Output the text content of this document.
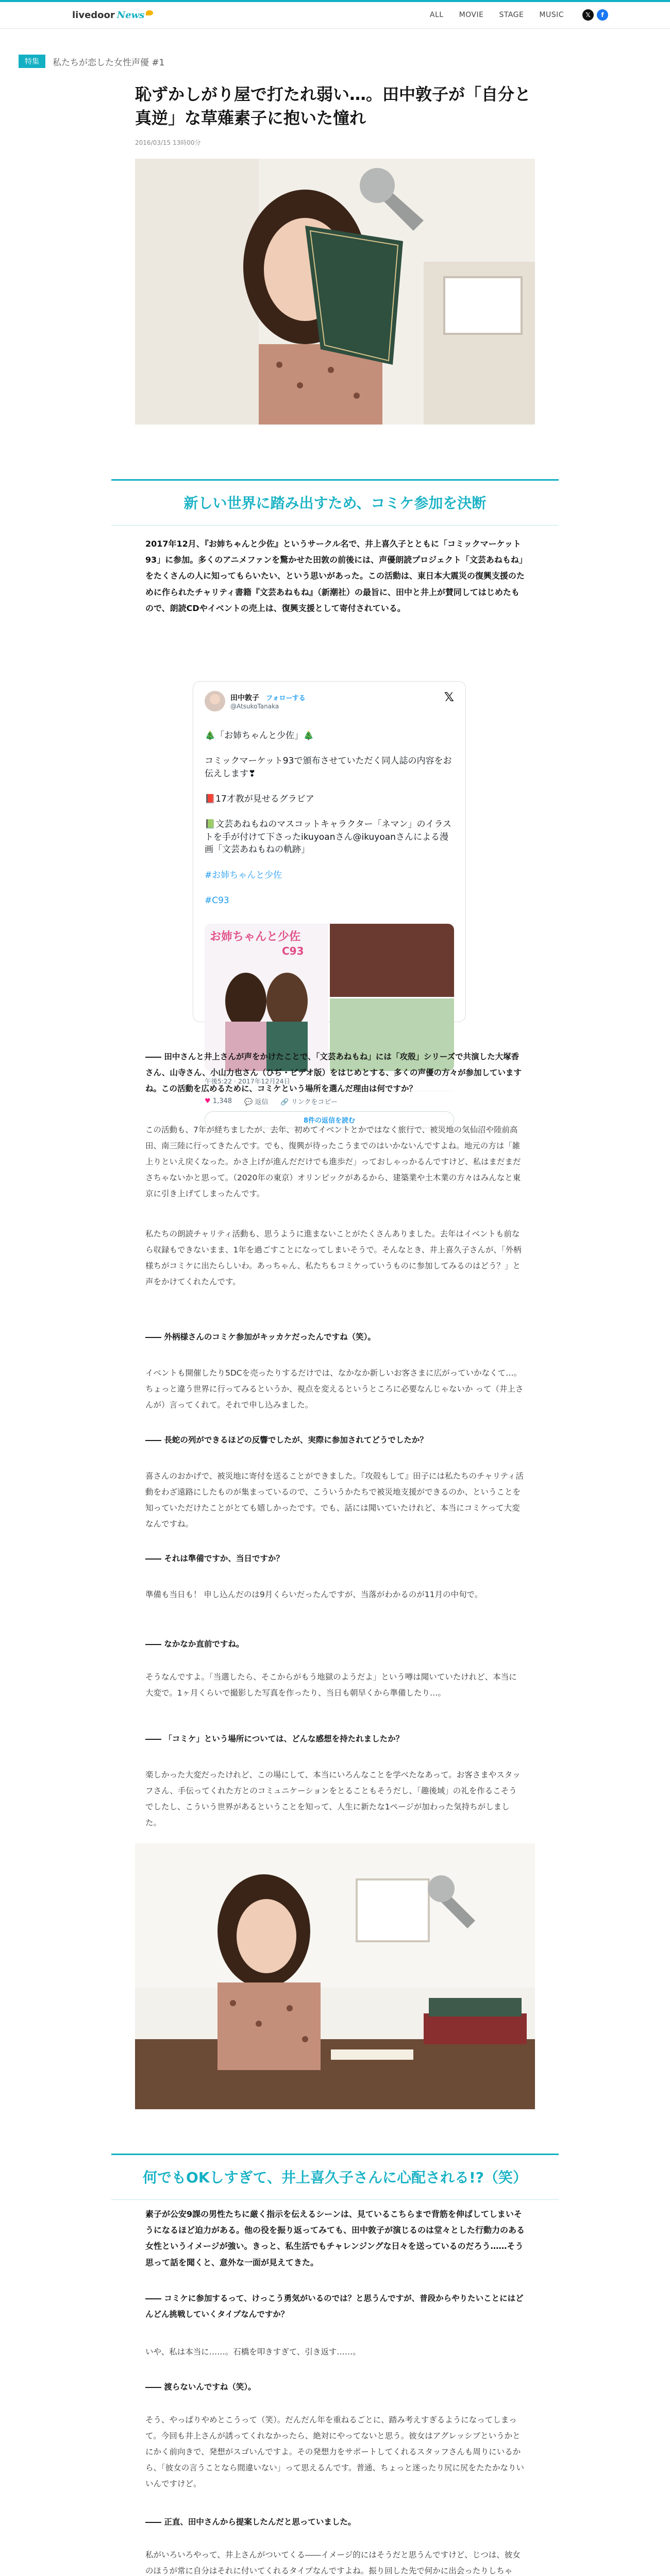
livedoor News	ALL MOVIE STAGE MUSIC	𝕏	f
特集	私たちが恋した女性声優 #1
恥ずかしがり屋で打たれ弱い…。田中敦子が「自分と真逆」な草薙素子に抱いた憧れ
2016/03/15 13時00分
新しい世界に踏み出すため、コミケ参加を決断

2017年12月、『お姉ちゃんと少佐』というサークル名で、井上喜久子とともに「コミックマーケット93」に参加。多くのアニメファンを驚かせた田敦の前後には、声優朗読プロジェクト「文芸あねもね」をたくさんの人に知ってもらいたい、という思いがあった。この活動は、東日本大震災の復興支援のために作られたチャリティ書籍『文芸あねもね』（新潮社）の最旨に、田中と井上が賛同してはじめたもので、朗読CDやイベントの売上は、復興支援として寄付されている。

田中敦子 フォローする
@AtsukoTanaka
𝕏

🎄「お姉ちゃんと少佐」🎄

コミックマーケット93で頒布させていただく同人誌の内容をお伝えします❣

📕17才教が見せるグラビア

📗文芸あねもねのマスコットキャラクター「ネマン」のイラストを手が付けて下さったikuyoanさん@ikuyoanさんによる漫画「文芸あねもねの軌跡」

#お姉ちゃんと少佐

#C93

お姉ちゃんと少佐
C93
午後5:22 · 2017年12月24日
♥ 1,348 💬 返信 🔗 リンクをコピー
8件の返信を読む

―― 田中さんと井上さんが声をかけたことで、「文芸あねもね」には「攻殻」シリーズで共演した大塚香さん、山寺さん、小山力也さん（ひぢ・ビデオ版）をはじめとする、多くの声優の方々が参加していますね。この活動を広めるために、コミケという場所を選んだ理由は何ですか？

この活動も、7年が経ちましたが、去年、初めてイベントとかではなく旅行で、被災地の気仙沼や陸前高田、南三陸に行ってきたんです。でも、復興が待ったこうまでのはいかないんですよね。地元の方は「雑上りといえ戻くなった。かさ上げが進んだだけでも進歩だ」っておしゃっかるんですけど、私はまだまださちゃないかと思って。（2020年の東京）オリンピックがあるから、建築業や土木業の方々はみんなと東京に引き上げてしまったんです。

私たちの朗読チャリティ活動も、思うように進まないことがたくさんありました。去年はイベントも前なら収録もできないまま、1年を過ごすことになってしまいそうで。そんなとき、井上喜久子さんが、「外柄様ちがコミケに出たらしいわ。あっちゃん、私たちもコミケっていうものに参加してみるのはどう？」と声をかけてくれたんです。

―― 外柄様さんのコミケ参加がキッカケだったんですね（笑）。

イベントも開催したり5DCを売ったりするだけでは、なかなか新しいお客さまに広がっていかなくて…。ちょっと違う世界に行ってみるというか、視点を変えるというところに必要なんじゃないか って（井上さんが）言ってくれて。それで申し込みました。

―― 長蛇の列ができるほどの反響でしたが、実際に参加されてどうでしたか？

喜さんのおかげで、被災地に寄付を送ることができました。『攻殻もして』田子には私たちのチャリティ活動をわざ遠路にしたものが集まっているので、こういうかたちで被災地支援ができるのか、ということを知っていただけたことがとても嬉しかったです。でも、話には聞いていたけれど、本当にコミケって大変なんですね。

―― それは準備ですか、当日ですか？

準備も当日も！ 申し込んだのは9月くらいだったんですが、当落がわかるのが11月の中旬で。

―― なかなか直前ですね。

そうなんですよ。「当選したら、そこからがもう地獄のようだよ」という噂は聞いていたけれど、本当に大変で。1ヶ月くらいで撮影した写真を作ったり、当日も朝早くから準備したり…。

―― 「コミケ」という場所については、どんな感想を持たれましたか？

楽しかった大変だったけれど、この場にして、本当にいろんなことを学べたなあって。お客さまやスタッフさん、手伝ってくれた方とのコミュニケーションをとることもそうだし、「趣後域」の礼を作るこそうでしたし、こういう世界があるということを知って、人生に新たな1ページが加わった気持ちがしました。

何でもOKしすぎて、井上喜久子さんに心配される!?（笑）

素子が公安9課の男性たちに厳く指示を伝えるシーンは、見ているこちらまで背筋を伸ばしてしまいそうになるほど迫力がある。他の役を振り返ってみても、田中敦子が演じるのは堂々とした行動力のある女性というイメージが強い。きっと、私生活でもチャレンジングな日々を送っているのだろう……そう思って話を聞くと、意外な一面が見えてきた。

―― コミケに参加するって、けっこう勇気がいるのでは？と思うんですが、普段からやりたいことにはどんどん挑戦していくタイプなんですか？

いや、私は本当に……。石橋を叩きすぎて、引き返す……。

―― 渡らないんですね（笑）。

そう、やっぱりやめとこうって（笑）。だんだん年を重ねるごとに、踏み考えすぎるようになってしまって。今回も井上さんが誘ってくれなかったら、絶対にやってないと思う。彼女はアグレッシブというかとにかく前向きで、発想がスゴいんですよ。その発想力をサポートしてくれるスタッフさんも周りにいるから、「彼女の言うことなら間違いない」って思えるんです。普通、ちょっと迷ったり尻に尻をたたかなりいいんですけど。

―― 正直、田中さんから提案したんだと思っていました。

私がいろいろやって、井上さんがついてくる――イメージ的にはそうだと思うんですけど、じつは、彼女のほうが常に自分はそれに付いてくれるタイプなんですよね。振り回した先で何かに出会ったりしちゃ
